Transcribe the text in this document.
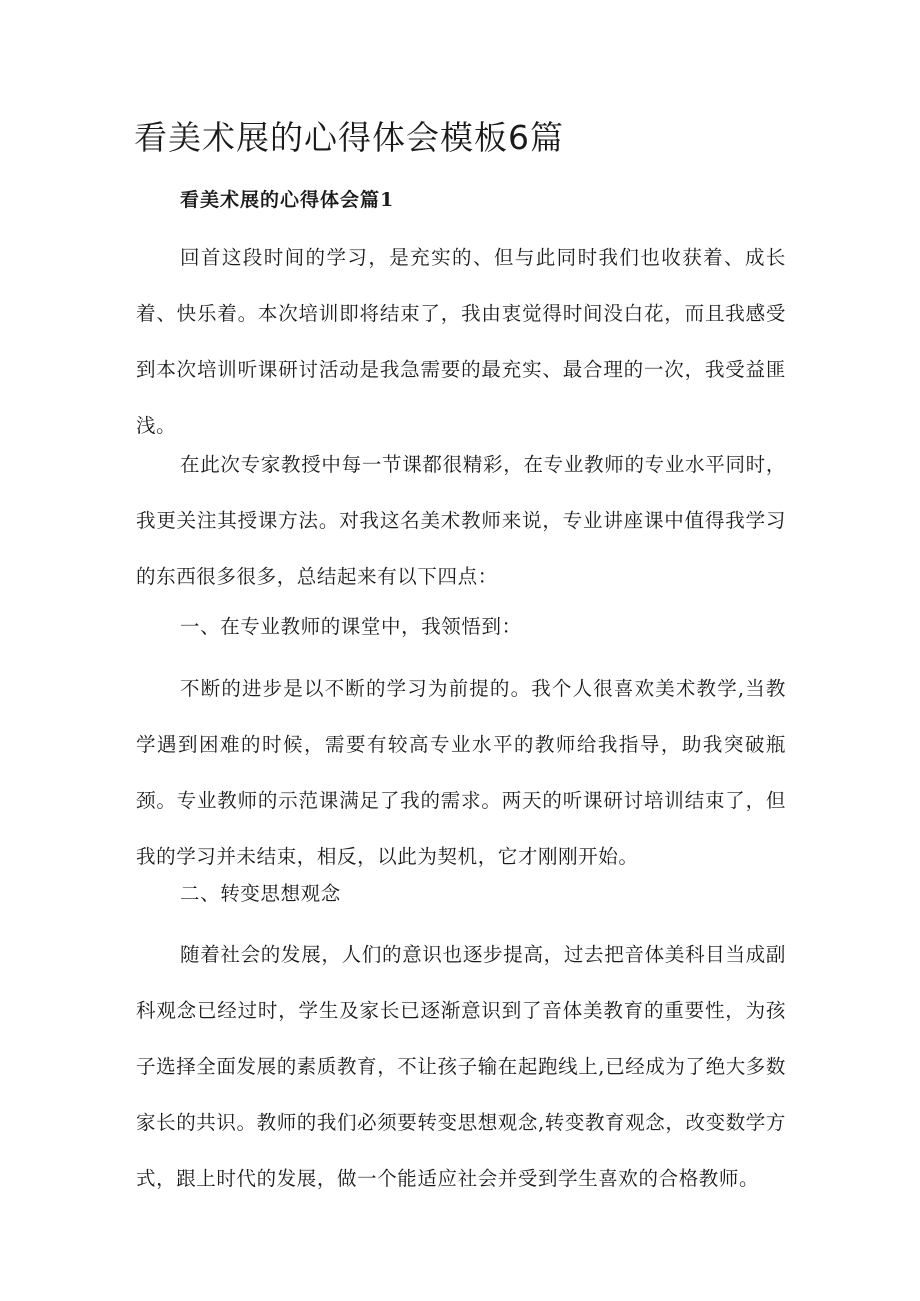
看美术展的心得体会模板6篇
看美术展的心得体会篇1

回首这段时间的学习，是充实的、但与此同时我们也收获着、成长着、快乐着。本次培训即将结束了，我由衷觉得时间没白花，而且我感受到本次培训听课研讨活动是我急需要的最充实、最合理的一次，我受益匪浅。

在此次专家教授中每一节课都很精彩，在专业教师的专业水平同时，我更关注其授课方法。对我这名美术教师来说，专业讲座课中值得我学习的东西很多很多，总结起来有以下四点：

一、在专业教师的课堂中，我领悟到：

不断的进步是以不断的学习为前提的。我个人很喜欢美术教学,当教学遇到困难的时候，需要有较高专业水平的教师给我指导，助我突破瓶颈。专业教师的示范课满足了我的需求。两天的听课研讨培训结束了，但我的学习并未结束，相反，以此为契机，它才刚刚开始。

二、转变思想观念

随着社会的发展，人们的意识也逐步提高，过去把音体美科目当成副科观念已经过时，学生及家长已逐渐意识到了音体美教育的重要性，为孩子选择全面发展的素质教育，不让孩子输在起跑线上,已经成为了绝大多数家长的共识。教师的我们必须要转变思想观念,转变教育观念，改变数学方式，跟上时代的发展，做一个能适应社会并受到学生喜欢的合格教师。
